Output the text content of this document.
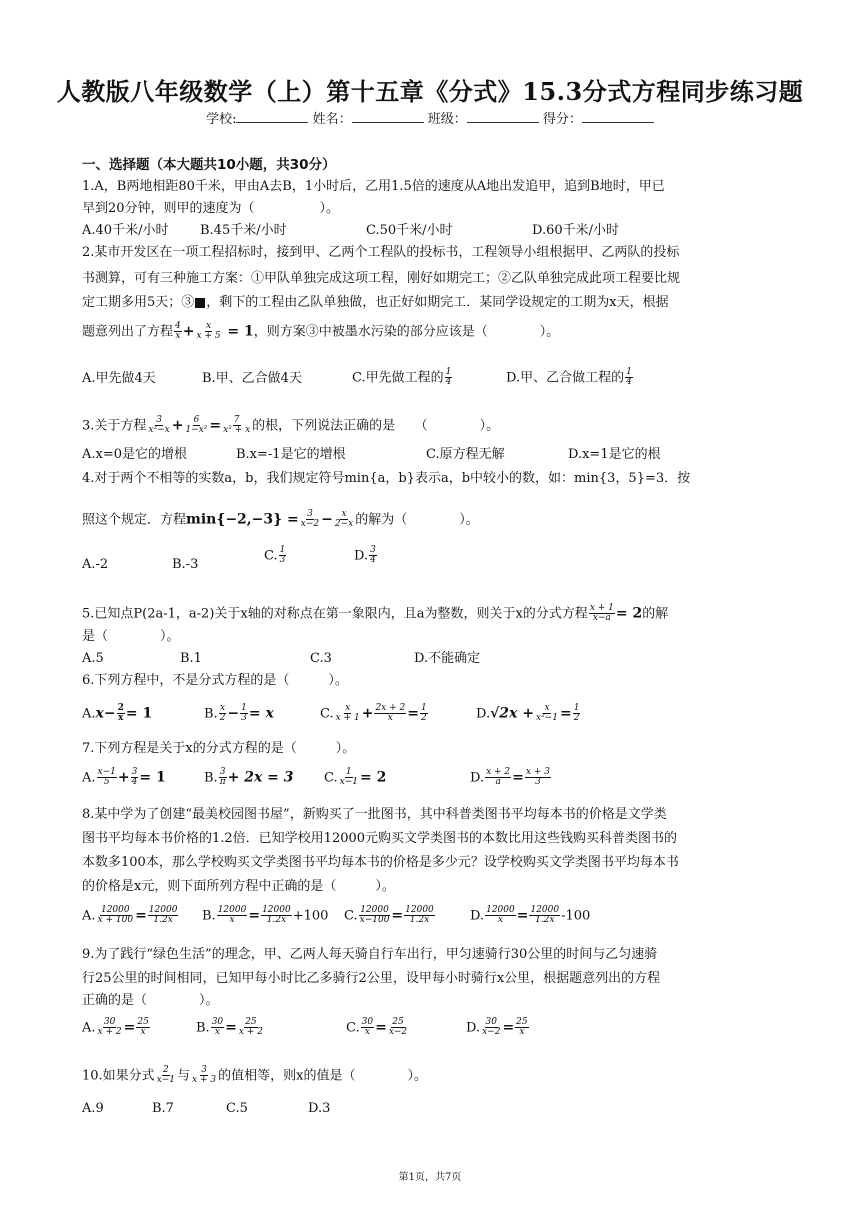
人教版八年级数学（上）第十五章《分式》15.3分式方程同步练习题
学校:	姓名：	班级：	得分：
一、选择题（本大题共10小题，共30分）
1.A，B两地相距80千米，甲由A去B，1小时后，乙用1.5倍的速度从A地出发追甲，追到B地时，甲已
早到20分钟，则甲的速度为（　　　　　）。
A.40千米/小时 B.45千米/小时	C.50千米/小时	D.60千米/小时
2.某市开发区在一项工程招标时，接到甲、乙两个工程队的投标书，工程领导小组根据甲、乙两队的投标
书测算，可有三种施工方案：①甲队单独完成这项工程，刚好如期完工；②乙队单独完成此项工程要比规
定工期多用5天；③ ，剩下的工程由乙队单独做，也正好如期完工．某同学设规定的工期为x天，根据
题意列出了方程 $\frac{4}{x} + \frac{x}{x + 5} = 1$，则方案③中被墨水污染的部分应该是（　　　　）。
A.甲先做4天	B.甲、乙合做4天	C.甲先做工程的 $\frac{1}{4}$	D.甲、乙合做工程的 $\frac{1}{4}$
3.关于方程 $\frac{3}{\text{x²−x}} + \frac{6}{\text{1−x²}} = \frac{7}{\text{x² + x}}$ 的根，下列说法正确的是　　（　　　　）。
A.x=0是它的增根	B.x=-1是它的增根	C.原方程无解	D.x=1是它的根
4.对于两个不相等的实数a，b，我们规定符号min{a，b}表示a，b中较小的数，如：min{3，5}=3．按
照这个规定．方程$\min\{-2,-3\} = \frac{3}{x-2} - \frac{x}{2-x}$ 的解为（　　　　）。
A.-2	B.-3
C. $\frac{1}{3}$	D. $\frac{3}{4}$
5.已知点P(2a-1，a-2)关于x轴的对称点在第一象限内，且a为整数，则关于x的分式方程 $\frac{x + 1}{x-a} = 2$的解
是（　　　　）。
A.5	B.1	C.3	D.不能确定
6.下列方程中，不是分式方程的是（　　　）。
$A.x- \frac{2}{x} = 1$	B. $\frac{x}{2} - \frac{1}{3} = x$	C. $\frac{x}{x + 1} + \frac{2x + 2}{x} = \frac{1}{2}$	$D.√2x + \frac{x}{\text{x²−1}} = \frac{1}{2}$
7.下列方程是关于x的分式方程的是（　　　）。
A. $\frac{x-1}{5} + \frac{3}{4} = 1$	B. $\frac{3}{\pi} + 2x = 3$ C. $\frac{1}{x-1} = 2$	D. $\frac{x + 2}{a} = \frac{x + 3}{3}$
8.某中学为了创建“最美校园图书屋”，新购买了一批图书，其中科普类图书平均每本书的价格是文学类
图书平均每本书价格的1.2倍．已知学校用12000元购买文学类图书的本数比用这些钱购买科普类图书的
本数多100本，那么学校购买文学类图书平均每本书的价格是多少元？设学校购买文学类图书平均每本书
的价格是x元，则下面所列方程中正确的是（　　　）。
A. $\frac{12000}{x + 100} = \frac{12000}{1.2x} B$. $\frac{12000}{x} = \frac{12000}{1.2x} +100$ C. $\frac{12000}{x-100} = \frac{12000}{1.2x}$	D. $\frac{12000}{x} = \frac{12000}{1.2x} -100$
9.为了践行“绿色生活”的理念，甲、乙两人每天骑自行车出行，甲匀速骑行30公里的时间与乙匀速骑
行25公里的时间相同，已知甲每小时比乙多骑行2公里，设甲每小时骑行x公里，根据题意列出的方程
正确的是（　　　　）。
A. $\frac{30}{x + 2} = \frac{25}{x}$	B. $\frac{30}{x} = \frac{25}{x + 2}$	C. $\frac{30}{x} = \frac{25}{x-2}$	D. $\frac{30}{x-2} = \frac{25}{x}$
10.如果分式 $\frac{2}{x-1}$ 与 $\frac{3}{x + 3}$ 的值相等，则x的值是（　　　　）。
A.9	B.7	C.5	D.3
第1页，共7页
